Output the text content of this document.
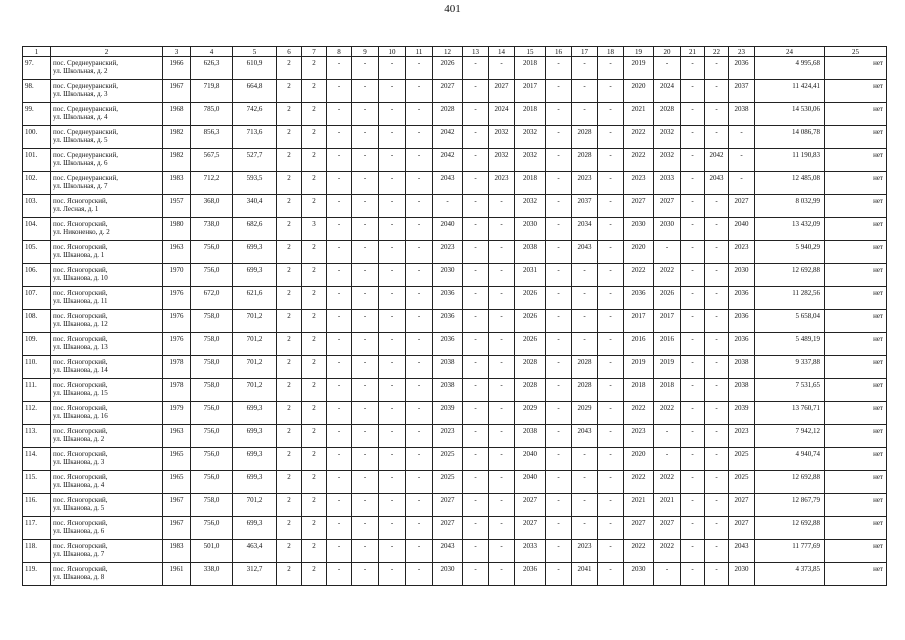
401
1	2	3	4	5	6	7	8	9	10	11	12	13	14	15	16	17	18	19	20	21	22	23	24	25
97.	пос. Среднеуранский,
ул. Школьная, д. 2	1966	626,3	610,9	2	2	-	-	-	-	2026	-	-	2018	-	-	-	2019	-	-	-	2036	4 995,68	нет
98.	пос. Среднеуранский,
ул. Школьная, д. 3	1967	719,8	664,8	2	2	-	-	-	-	2027	-	2027	2017	-	-	-	2020	2024	-	-	2037	11 424,41	нет
99.	пос. Среднеуранский,
ул. Школьная, д. 4	1968	785,0	742,6	2	2	-	-	-	-	2028	-	2024	2018	-	-	-	2021	2028	-	-	2038	14 530,06	нет
100.	пос. Среднеуранский,
ул. Школьная, д. 5	1982	856,3	713,6	2	2	-	-	-	-	2042	-	2032	2032	-	2028	-	2022	2032	-	-	-	14 086,78	нет
101.	пос. Среднеуранский,
ул. Школьная, д. 6	1982	567,5	527,7	2	2	-	-	-	-	2042	-	2032	2032	-	2028	-	2022	2032	-	2042	-	11 190,83	нет
102.	пос. Среднеуранский,
ул. Школьная, д. 7	1983	712,2	593,5	2	2	-	-	-	-	2043	-	2023	2018	-	2023	-	2023	2033	-	2043	-	12 485,08	нет
103.	пос. Ясногорский,
ул. Лесная, д. 1	1957	368,0	340,4	2	2	-	-	-	-	-	-	-	2032	-	2037	-	2027	2027	-	-	2027	8 032,99	нет
104.	пос. Ясногорский,
ул. Никоненко, д. 2	1980	738,0	682,6	2	3	-	-	-	-	2040	-	-	2030	-	2034	-	2030	2030	-	-	2040	13 432,09	нет
105.	пос. Ясногорский,
ул. Шканова, д. 1	1963	756,0	699,3	2	2	-	-	-	-	2023	-	-	2038	-	2043	-	2020	-	-	-	2023	5 940,29	нет
106.	пос. Ясногорский,
ул. Шканова, д. 10	1970	756,0	699,3	2	2	-	-	-	-	2030	-	-	2031	-	-	-	2022	2022	-	-	2030	12 692,88	нет
107.	пос. Ясногорский,
ул. Шканова, д. 11	1976	672,0	621,6	2	2	-	-	-	-	2036	-	-	2026	-	-	-	2036	2026	-	-	2036	11 282,56	нет
108.	пос. Ясногорский,
ул. Шканова, д. 12	1976	758,0	701,2	2	2	-	-	-	-	2036	-	-	2026	-	-	-	2017	2017	-	-	2036	5 658,04	нет
109.	пос. Ясногорский,
ул. Шканова, д. 13	1976	758,0	701,2	2	2	-	-	-	-	2036	-	-	2026	-	-	-	2016	2016	-	-	2036	5 489,19	нет
110.	пос. Ясногорский,
ул. Шканова, д. 14	1978	758,0	701,2	2	2	-	-	-	-	2038	-	-	2028	-	2028	-	2019	2019	-	-	2038	9 337,88	нет
111.	пос. Ясногорский,
ул. Шканова, д. 15	1978	758,0	701,2	2	2	-	-	-	-	2038	-	-	2028	-	2028	-	2018	2018	-	-	2038	7 531,65	нет
112.	пос. Ясногорский,
ул. Шканова, д. 16	1979	756,0	699,3	2	2	-	-	-	-	2039	-	-	2029	-	2029	-	2022	2022	-	-	2039	13 760,71	нет
113.	пос. Ясногорский,
ул. Шканова, д. 2	1963	756,0	699,3	2	2	-	-	-	-	2023	-	-	2038	-	2043	-	2023	-	-	-	2023	7 942,12	нет
114.	пос. Ясногорский,
ул. Шканова, д. 3	1965	756,0	699,3	2	2	-	-	-	-	2025	-	-	2040	-	-	-	2020	-	-	-	2025	4 940,74	нет
115.	пос. Ясногорский,
ул. Шканова, д. 4	1965	756,0	699,3	2	2	-	-	-	-	2025	-	-	2040	-	-	-	2022	2022	-	-	2025	12 692,88	нет
116.	пос. Ясногорский,
ул. Шканова, д. 5	1967	758,0	701,2	2	2	-	-	-	-	2027	-	-	2027	-	-	-	2021	2021	-	-	2027	12 867,79	нет
117.	пос. Ясногорский,
ул. Шканова, д. 6	1967	756,0	699,3	2	2	-	-	-	-	2027	-	-	2027	-	-	-	2027	2027	-	-	2027	12 692,88	нет
118.	пос. Ясногорский,
ул. Шканова, д. 7	1983	501,0	463,4	2	2	-	-	-	-	2043	-	-	2033	-	2023	-	2022	2022	-	-	2043	11 777,69	нет
119.	пос. Ясногорский,
ул. Шканова, д. 8	1961	338,0	312,7	2	2	-	-	-	-	2030	-	-	2036	-	2041	-	2030	-	-	-	2030	4 373,85	нет
